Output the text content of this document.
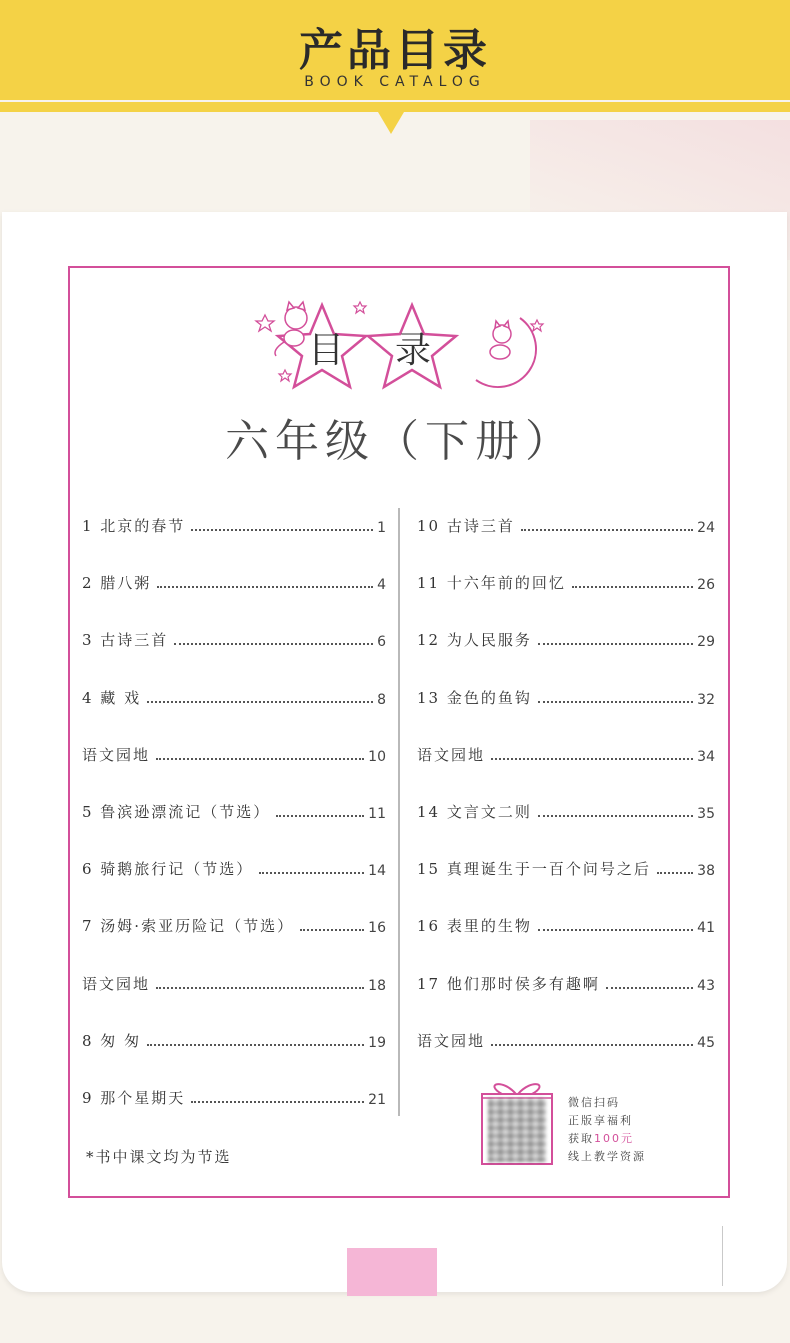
产品目录
BOOK CATALOG
目 录
六年级（下册）
1 北京的春节	1
2 腊八粥	4
3 古诗三首	6
4 藏 戏	8
语文园地	10
5 鲁滨逊漂流记（节选）	11
6 骑鹅旅行记（节选）	14
7 汤姆·索亚历险记（节选）	16
语文园地	18
8 匆 匆	19
9 那个星期天	21
10 古诗三首	24
11 十六年前的回忆	26
12 为人民服务	29
13 金色的鱼钩	32
语文园地	34
14 文言文二则	35
15 真理诞生于一百个问号之后	38
16 表里的生物	41
17 他们那时侯多有趣啊	43
语文园地	45
*书中课文均为节选
微信扫码
正版享福利
获取100元
线上教学资源
